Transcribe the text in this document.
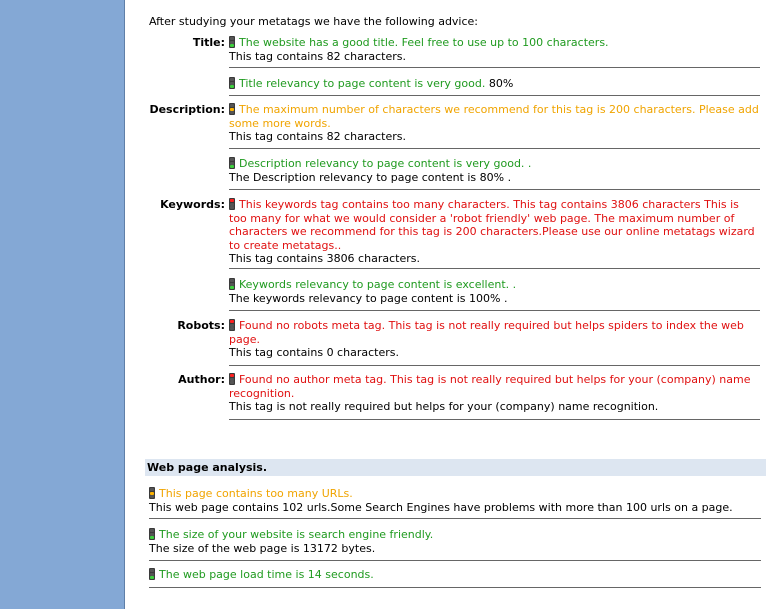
After studying your metatags we have the following advice:
Title:	The website has a good title. Feel free to use up to 100 characters.
This tag contains 82 characters.
Title relevancy to page content is very good. 80%
Description:	The maximum number of characters we recommend for this tag is 200 characters. Please add some more words.
This tag contains 82 characters.
Description relevancy to page content is very good. .
The Description relevancy to page content is 80% .
Keywords:	This keywords tag contains too many characters. This tag contains 3806 characters This is too many for what we would consider a 'robot friendly' web page. The maximum number of characters we recommend for this tag is 200 characters.Please use our online metatags wizard to create metatags..
This tag contains 3806 characters.
Keywords relevancy to page content is excellent. .
The keywords relevancy to page content is 100% .
Robots:	Found no robots meta tag. This tag is not really required but helps spiders to index the web page.
This tag contains 0 characters.
Author:	Found no author meta tag. This tag is not really required but helps for your (company) name recognition.
This tag is not really required but helps for your (company) name recognition.
Web page analysis.
This page contains too many URLs.
This web page contains 102 urls.Some Search Engines have problems with more than 100 urls on a page.
The size of your website is search engine friendly.
The size of the web page is 13172 bytes.
The web page load time is 14 seconds.
